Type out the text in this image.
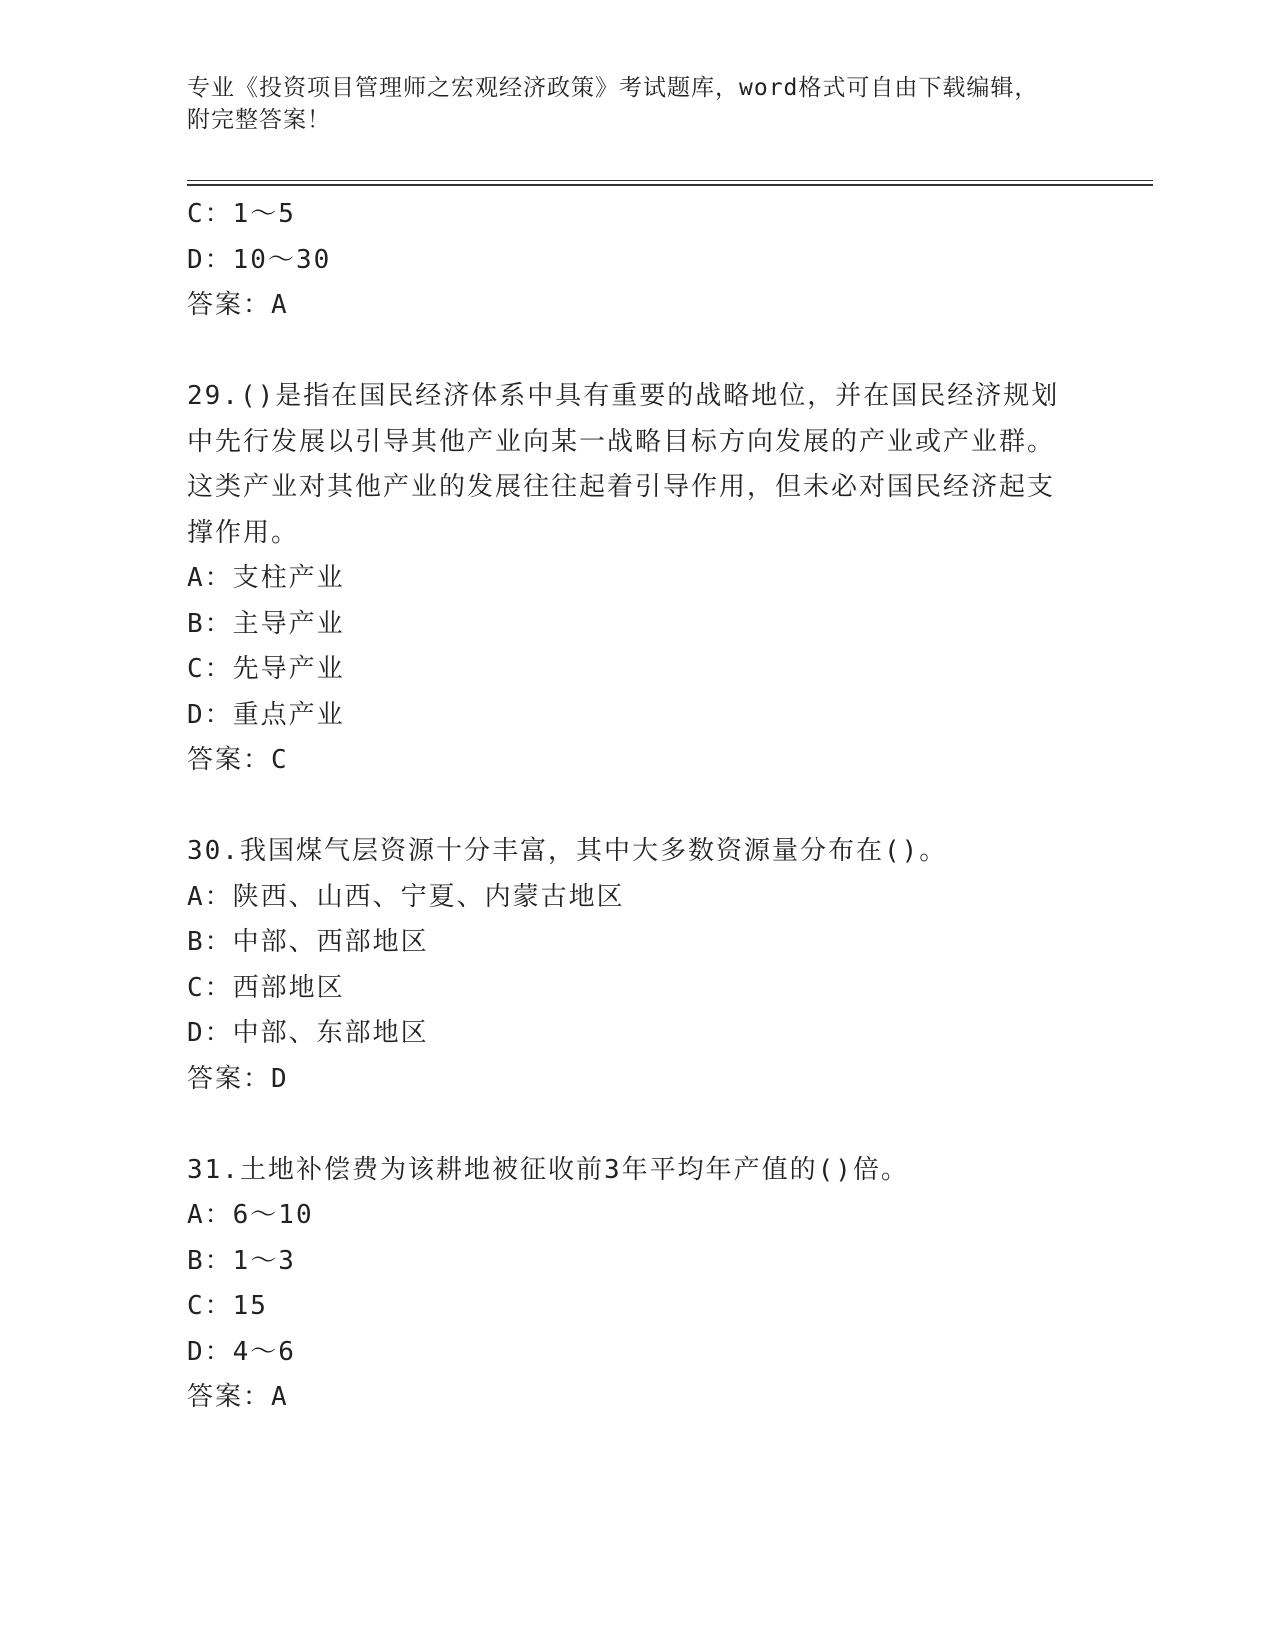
专业《投资项目管理师之宏观经济政策》考试题库，word格式可自由下载编辑，
附完整答案！
C：1～5
D：10～30
答案：A
29.()是指在国民经济体系中具有重要的战略地位，并在国民经济规划中先行发展以引导其他产业向某一战略目标方向发展的产业或产业群。这类产业对其他产业的发展往往起着引导作用，但未必对国民经济起支撑作用。
A：支柱产业
B：主导产业
C：先导产业
D：重点产业
答案：C
30.我国煤气层资源十分丰富，其中大多数资源量分布在()。
A：陕西、山西、宁夏、内蒙古地区
B：中部、西部地区
C：西部地区
D：中部、东部地区
答案：D
31.土地补偿费为该耕地被征收前3年平均年产值的()倍。
A：6～10
B：1～3
C：15
D：4～6
答案：A
